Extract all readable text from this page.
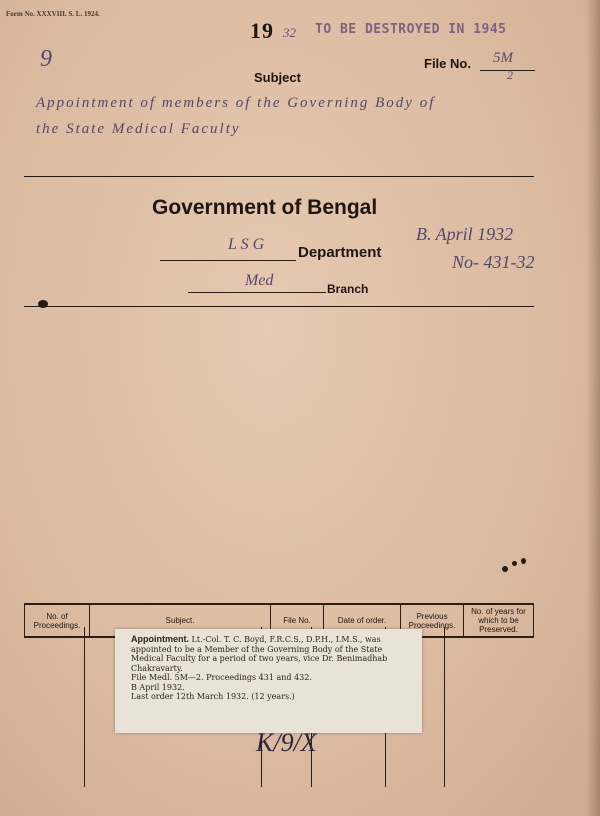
Form No. XXXVIII. S. L. 1924.
19 32 TO BE DESTROYED IN 1945
9
Subject
File No. 5M
2
Appointment of members of the Governing Body of
the State Medical Faculty
Government of Bengal
L S G Department
Med	Branch
B. April 1932
No- 431-32
No. of Proceedings.	Subject.	File No.	Date of order.	Previous Proceedings.	No. of years for which to be Preserved.
Appointment. Lt.-Col. T. C. Boyd, F.R.C.S., D.P.H., I.M.S., was appointed to be a Member of the Governing Body of the State Medical Faculty for a period of two years, vice Dr. Benimadhab Chakravarty.
File Medl. 5M—2. Proceedings 431 and 432.
B April 1932.
Last order 12th March 1932. (12 years.)
K/9/X
